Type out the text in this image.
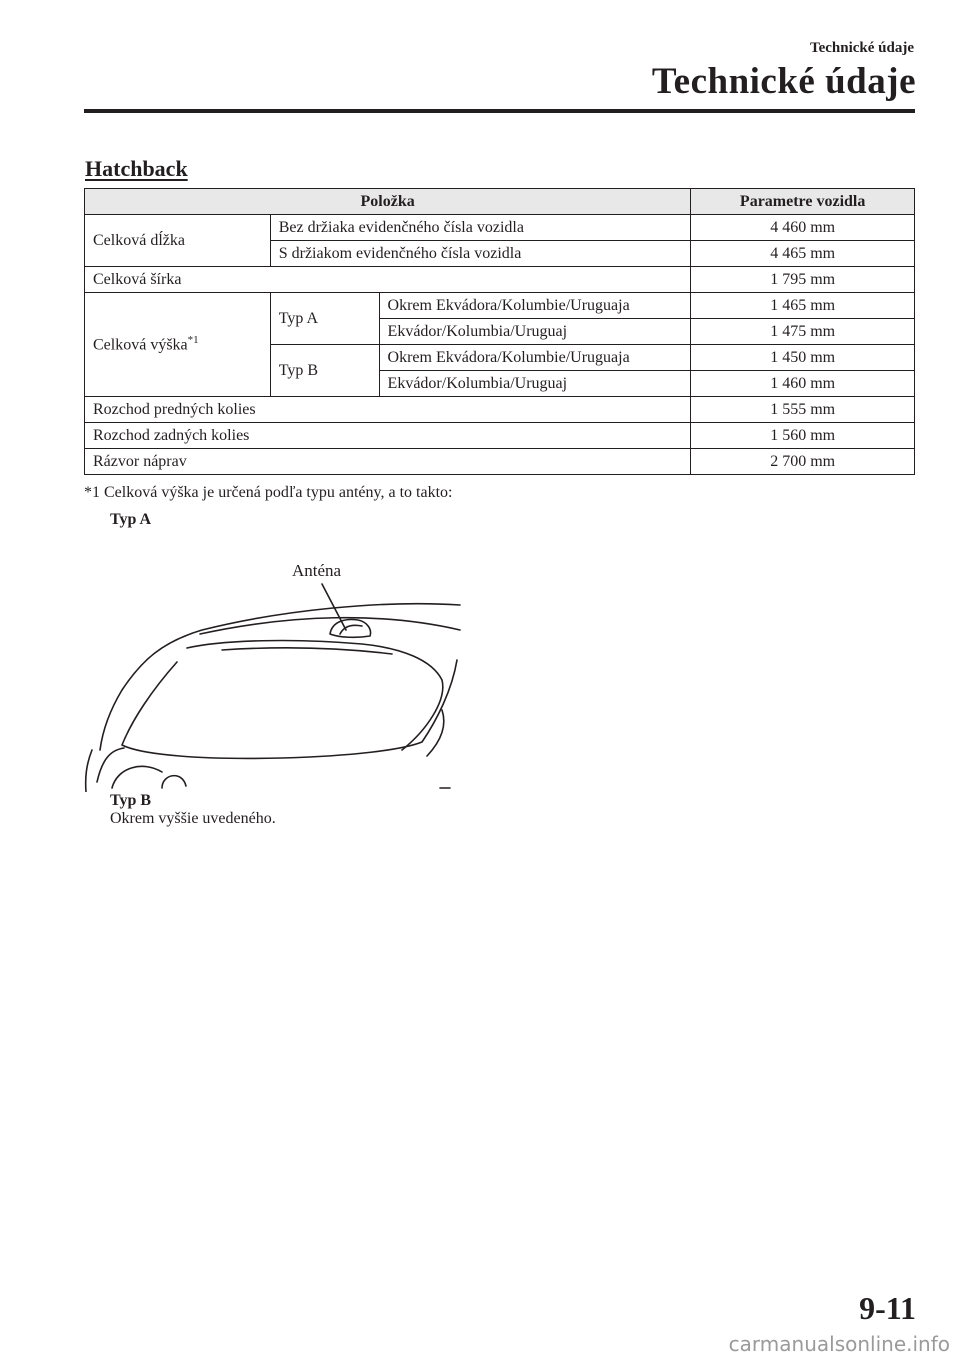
Technické údaje
Technické údaje
Hatchback
Položka			Parametre vozidla
Celková dĺžka	Bez držiaka evidenčného čísla vozidla		4 460 mm
	S držiakom evidenčného čísla vozidla		4 465 mm
Celková šírka			1 795 mm
Celková výška$^{*1}$	Typ A	Okrem Ekvádora/Kolumbie/Uruguaja	1 465 mm
		Ekvádor/Kolumbia/Uruguaj	1 475 mm
	Typ B	Okrem Ekvádora/Kolumbie/Uruguaja	1 450 mm
		Ekvádor/Kolumbia/Uruguaj	1 460 mm
Rozchod predných kolies			1 555 mm
Rozchod zadných kolies			1 560 mm
Rázvor náprav			2 700 mm
*1 Celková výška je určená podľa typu antény, a to takto:
Typ A
Anténa
Typ B
Okrem vyššie uvedeného.
9-11
carmanualsonline.info
